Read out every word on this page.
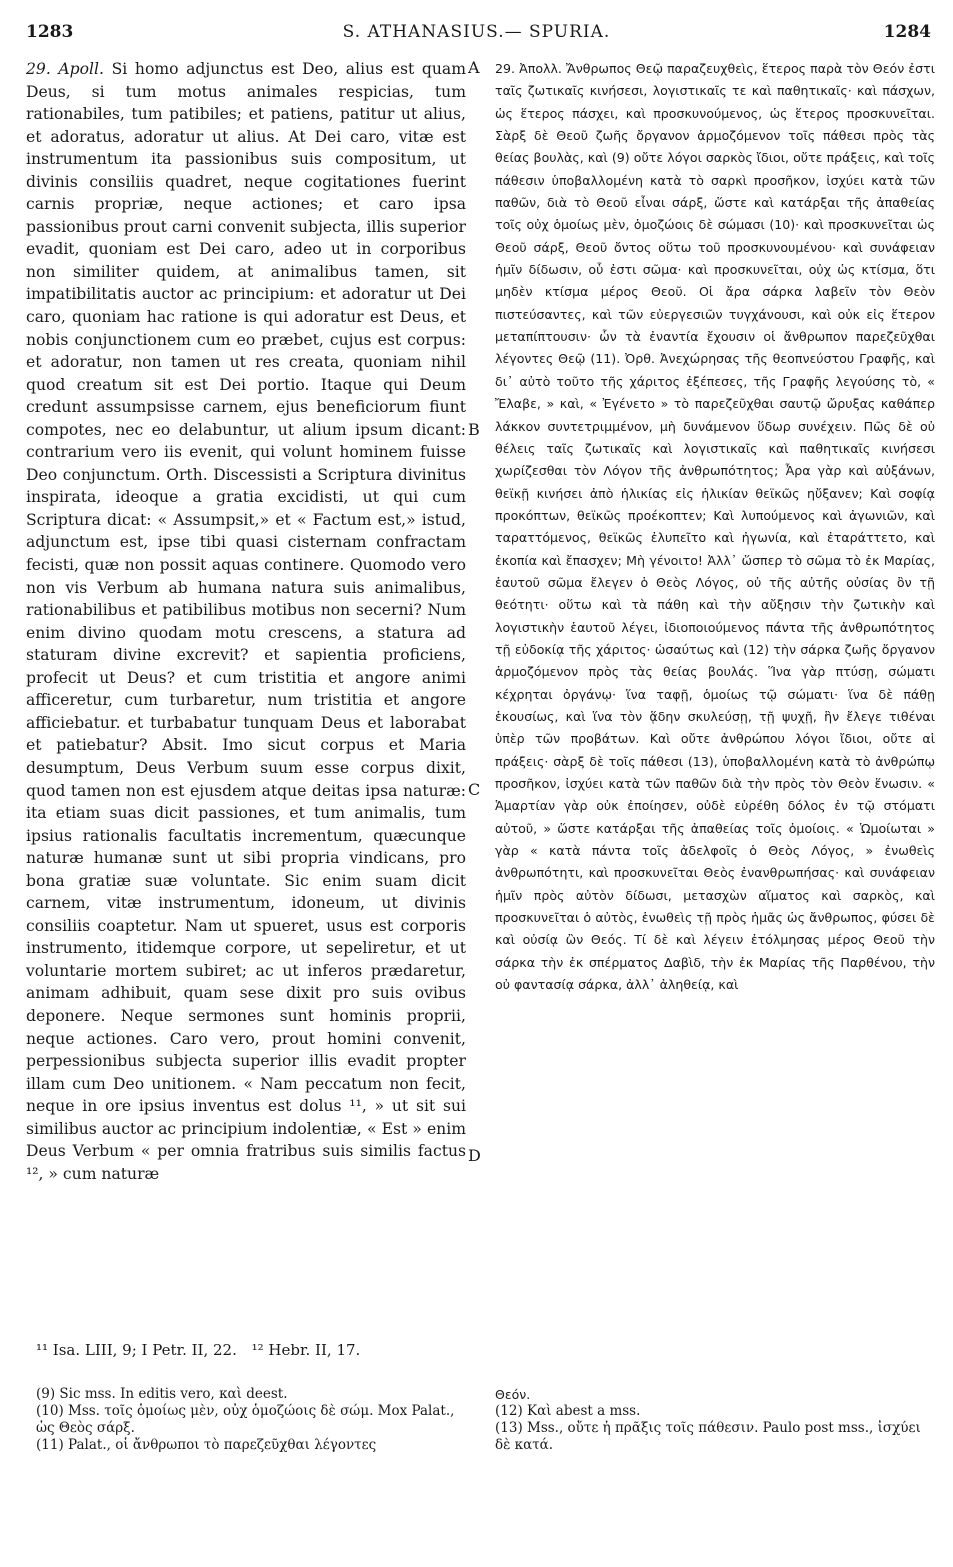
1283	S. ATHANASIUS.— SPURIA.	1284

29. Apoll. Si homo adjunctus est Deo, alius est quam Deus, si tum motus animales respicias, tum rationabiles, tum patibiles; et patiens, patitur ut alius, et adoratus, adoratur ut alius. At Dei caro, vitæ est instrumentum ita passionibus suis compositum, ut divinis consiliis quadret, neque cogitationes fuerint carnis propriæ, neque actiones; et caro ipsa passionibus prout carni convenit subjecta, illis superior evadit, quoniam est Dei caro, adeo ut in corporibus non similiter quidem, at animalibus tamen, sit impatibilitatis auctor ac principium: et adoratur ut Dei caro, quoniam hac ratione is qui adoratur est Deus, et nobis conjunctionem cum eo præbet, cujus est corpus: et adoratur, non tamen ut res creata, quoniam nihil quod creatum sit est Dei portio. Itaque qui Deum credunt assumpsisse carnem, ejus beneficiorum fiunt compotes, nec eo delabuntur, ut alium ipsum dicant: contrarium vero iis evenit, qui volunt hominem fuisse Deo conjunctum. Orth. Discessisti a Scriptura divinitus inspirata, ideoque a gratia excidisti, ut qui cum Scriptura dicat: « Assumpsit,» et « Factum est,» istud, adjunctum est, ipse tibi quasi cisternam confractam fecisti, quæ non possit aquas continere. Quomodo vero non vis Verbum ab humana natura suis animalibus, rationabilibus et patibilibus motibus non secerni? Num enim divino quodam motu crescens, a statura ad staturam divine excrevit? et sapientia proficiens, profecit ut Deus? et cum tristitia et angore animi afficeretur, cum turbaretur, num tristitia et angore afficiebatur. et turbabatur tunquam Deus et laborabat et patiebatur? Absit. Imo sicut corpus et Maria desumptum, Deus Verbum suum esse corpus dixit, quod tamen non est ejusdem atque deitas ipsa naturæ: ita etiam suas dicit passiones, et tum animalis, tum ipsius rationalis facultatis incrementum, quæcunque naturæ humanæ sunt ut sibi propria vindicans, pro bona gratiæ suæ voluntate. Sic enim suam dicit carnem, vitæ instrumentum, idoneum, ut divinis consiliis coaptetur. Nam ut spueret, usus est corporis instrumento, itidemque corpore, ut sepeliretur, et ut voluntarie mortem subiret; ac ut inferos prædaretur, animam adhibuit, quam sese dixit pro suis ovibus deponere. Neque sermones sunt hominis proprii, neque actiones. Caro vero, prout homini convenit, perpessionibus subjecta superior illis evadit propter illam cum Deo unitionem. « Nam peccatum non fecit, neque in ore ipsius inventus est dolus ¹¹, » ut sit sui similibus auctor ac principium indolentiæ, « Est » enim Deus Verbum « per omnia fratribus suis similis factus ¹², » cum naturæ

A
B
C
D

29. Ἀπολλ. Ἄνθρωπος Θεῷ παραζευχθεὶς, ἕτερος παρὰ τὸν Θεόν ἐστι ταῖς ζωτικαῖς κινήσεσι, λογιστικαῖς τε καὶ παθητικαῖς· καὶ πάσχων, ὡς ἕτερος πάσχει, καὶ προσκυνούμενος, ὡς ἕτερος προσκυνεῖται. Σὰρξ δὲ Θεοῦ ζωῆς ὄργανον ἁρμοζόμενον τοῖς πάθεσι πρὸς τὰς θείας βουλὰς, καὶ (9) οὔτε λόγοι σαρκὸς ἴδιοι, οὔτε πράξεις, καὶ τοῖς πάθεσιν ὑποβαλλομένη κατὰ τὸ σαρκὶ προσῆκον, ἰσχύει κατὰ τῶν παθῶν, διὰ τὸ Θεοῦ εἶναι σάρξ, ὥστε καὶ κατάρξαι τῆς ἀπαθείας τοῖς οὐχ ὁμοίως μὲν, ὁμοζώοις δὲ σώμασι (10)· καὶ προσκυνεῖται ὡς Θεοῦ σάρξ, Θεοῦ ὄντος οὕτω τοῦ προσκυνουμένου· καὶ συνάφειαν ἡμῖν δίδωσιν, οὗ ἐστι σῶμα· καὶ προσκυνεῖται, οὐχ ὡς κτίσμα, ὅτι μηδὲν κτίσμα μέρος Θεοῦ. Οἱ ἄρα σάρκα λαβεῖν τὸν Θεὸν πιστεύσαντες, καὶ τῶν εὐεργεσιῶν τυγχάνουσι, καὶ οὐκ εἰς ἕτερον μεταπίπτουσιν· ὧν τὰ ἐναντία ἔχουσιν οἱ ἄνθρωπον παρεζεῦχθαι λέγοντες Θεῷ (11). Ὀρθ. Ἀνεχώρησας τῆς θεοπνεύστου Γραφῆς, καὶ δι᾽ αὐτὸ τοῦτο τῆς χάριτος ἐξέπεσες, τῆς Γραφῆς λεγούσης τὸ, « Ἔλαβε, » καὶ, « Ἐγένετο » τὸ παρεζεῦχθαι σαυτῷ ὤρυξας καθάπερ λάκκον συντετριμμένον, μὴ δυνάμενον ὕδωρ συνέχειν. Πῶς δὲ οὐ θέλεις ταῖς ζωτικαῖς καὶ λογιστικαῖς καὶ παθητικαῖς κινήσεσι χωρίζεσθαι τὸν Λόγον τῆς ἀνθρωπότητος; Ἆρα γὰρ καὶ αὐξάνων, θεϊκῇ κινήσει ἀπὸ ἡλικίας εἰς ἡλικίαν θεϊκῶς ηὔξανεν; Καὶ σοφίᾳ προκόπτων, θεϊκῶς προέκοπτεν; Καὶ λυπούμενος καὶ ἀγωνιῶν, καὶ ταραττόμενος, θεϊκῶς ἐλυπεῖτο καὶ ἠγωνία, καὶ ἐταράττετο, καὶ ἐκοπία καὶ ἔπασχεν; Μὴ γένοιτο! Ἀλλ᾽ ὥσπερ τὸ σῶμα τὸ ἐκ Μαρίας, ἑαυτοῦ σῶμα ἔλεγεν ὁ Θεὸς Λόγος, οὐ τῆς αὐτῆς οὐσίας ὂν τῇ θεότητι· οὕτω καὶ τὰ πάθη καὶ τὴν αὔξησιν τὴν ζωτικὴν καὶ λογιστικὴν ἑαυτοῦ λέγει, ἰδιοποιούμενος πάντα τῆς ἀνθρωπότητος τῇ εὐδοκίᾳ τῆς χάριτος· ὡσαύτως καὶ (12) τὴν σάρκα ζωῆς ὄργανον ἁρμοζόμενον πρὸς τὰς θείας βουλάς. Ἵνα γὰρ πτύσῃ, σώματι κέχρηται ὀργάνῳ· ἵνα ταφῇ, ὁμοίως τῷ σώματι· ἵνα δὲ πάθῃ ἑκουσίως, καὶ ἵνα τὸν ᾅδην σκυλεύσῃ, τῇ ψυχῇ, ἣν ἔλεγε τιθέναι ὑπὲρ τῶν προβάτων. Καὶ οὔτε ἀνθρώπου λόγοι ἴδιοι, οὔτε αἱ πράξεις· σὰρξ δὲ τοῖς πάθεσι (13), ὑποβαλλομένη κατὰ τὸ ἀνθρώπῳ προσῆκον, ἰσχύει κατὰ τῶν παθῶν διὰ τὴν πρὸς τὸν Θεὸν ἕνωσιν. « Ἁμαρτίαν γὰρ οὐκ ἐποίησεν, οὐδὲ εὑρέθη δόλος ἐν τῷ στόματι αὐτοῦ, » ὥστε κατάρξαι τῆς ἀπαθείας τοῖς ὁμοίοις. « Ὡμοίωται » γὰρ « κατὰ πάντα τοῖς ἀδελφοῖς ὁ Θεὸς Λόγος, » ἐνωθεὶς ἀνθρωπότητι, καὶ προσκυνεῖται Θεὸς ἐνανθρωπήσας· καὶ συνάφειαν ἡμῖν πρὸς αὐτὸν δίδωσι, μετασχὼν αἵματος καὶ σαρκὸς, καὶ προσκυνεῖται ὁ αὐτὸς, ἑνωθεὶς τῇ πρὸς ἡμᾶς ὡς ἄνθρωπος, φύσει δὲ καὶ οὐσίᾳ ὢν Θεός. Τί δὲ καὶ λέγειν ἐτόλμησας μέρος Θεοῦ τὴν σάρκα τὴν ἐκ σπέρματος Δαβὶδ, τὴν ἐκ Μαρίας τῆς Παρθένου, τὴν οὐ φαντασίᾳ σάρκα, ἀλλ᾽ ἀληθείᾳ, καὶ

¹¹ Isa. LIII, 9; I Petr. II, 22. ¹² Hebr. II, 17.
(9) Sic mss. In editis vero, καὶ deest.
(10) Mss. τοῖς ὁμοίως μὲν, οὐχ ὁμοζώοις δὲ σώμ. Mox Palat., ὡς Θεὸς σάρξ.
(11) Palat., οἱ ἄνθρωποι τὸ παρεζεῦχθαι λέγοντες
Θεόν.
(12) Καὶ abest a mss.
(13) Mss., οὔτε ἡ πρᾶξις τοῖς πάθεσιν. Paulo post mss., ἰσχύει δὲ κατά.
